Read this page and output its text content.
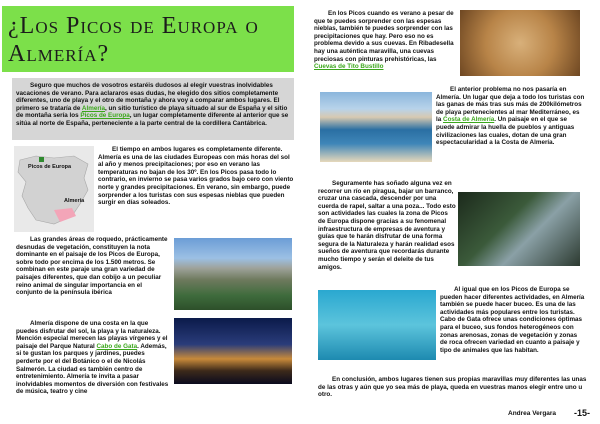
¿Los Picos de Europa o
Almería?

Seguro que muchos de vosotros estaréis dudosos al elegir vuestras inolvidables vacaciones de verano. Para aclararos esas dudas, he elegido dos sitios completamente diferentes, uno de playa y el otro de montaña y ahora voy a comparar ambos lugares. El primero se trataría de Almería, un sitio turístico de playa situado al sur de España y el sitio de montaña sería los Picos de Europa, un lugar completamente diferente al anterior que se sitúa al norte de España, perteneciente a la parte central de la cordillera Cantábrica.

Picos de Europa
Almería

El tiempo en ambos lugares es completamente diferente. Almería es una de las ciudades Europeas con más horas del sol al año y menos precipitaciones; por eso en verano las temperaturas no bajan de los 30º. En los Picos pasa todo lo contrario, en invierno se pasa varios grados bajo cero con viento norte y grandes precipitaciones. En verano, sin embargo, puede sorprender a los turistas con sus espesas nieblas que pueden surgir en días soleados.

Las grandes áreas de roquedo, prácticamente desnudas de vegetación, constituyen la nota dominante en el paisaje de los Picos de Europa, sobre todo por encima de los 1.500 metros. Se combinan en este paraje una gran variedad de paisajes diferentes, que dan cobijo a un peculiar reino animal de singular importancia en el conjunto de la península ibérica

Almería dispone de una costa en la que puedes disfrutar del sol, la playa y la naturaleza. Mención especial merecen las playas vírgenes y el paisaje del Parque Natural Cabo de Gata. Además, si te gustan los parques y jardines, puedes perderte por el del Botánico o el de Nicolás Salmerón. La ciudad es también centro de entretenimiento. Almería te invita a pasar inolvidables momentos de diversión con festivales de música, teatro y cine

En los Picos cuando es verano a pesar de que te puedes sorprender con las espesas nieblas, también te puedes sorprender con las precipitaciones que hay. Pero eso no es problema devido a sus cuevas. En Ribadesella hay una auténtica maravilla, una cuevas preciosas con pinturas prehistóricas, las Cuevas de Tito Bustillo

El anterior problema no nos pasaría en Almería. Un lugar que deja a todo los turistas con las ganas de más tras sus más de 200kilómetros de playa pertenecientes al mar Mediterráneo, es la Costa de Almería. Un paisaje en el que se puede admirar la huella de pueblos y antiguas civilizaciones las cuales, dotan de una gran espectacularidad a la Costa de Almería.

Seguramente has soñado alguna vez en recorrer un río en piragua, bajar un barranco, cruzar una cascada, descender por una cuerda de rapel, saltar a una poza... Todo esto son actividades las cuales la zona de Picos de Europa dispone gracias a su fenomenal infraestructura de empresas de aventura y guías que te harán disfrutar de una forma segura de la Naturaleza y harán realidad esos sueños de aventura que recordarás durante mucho tiempo y serán el deleite de tus amigos.

Al igual que en los Picos de Europa se pueden hacer diferentes actividades, en Almería también se puede hacer buceo. Es una de las actividades más populares entre los turistas. Cabo de Gata ofrece unas condiciones óptimas para el buceo, sus fondos heterogéneos con zonas arenosas, zonas de vegetación y zonas de roca ofrecen variedad en cuanto a paisaje y tipo de animales que las habitan.

En conclusión, ambos lugares tienen sus propias maravillas muy diferentes las unas de las otras y aún que yo sea más de playa, queda en vuestras manos elegir entre uno u otro.

Andrea Vergara -15-
